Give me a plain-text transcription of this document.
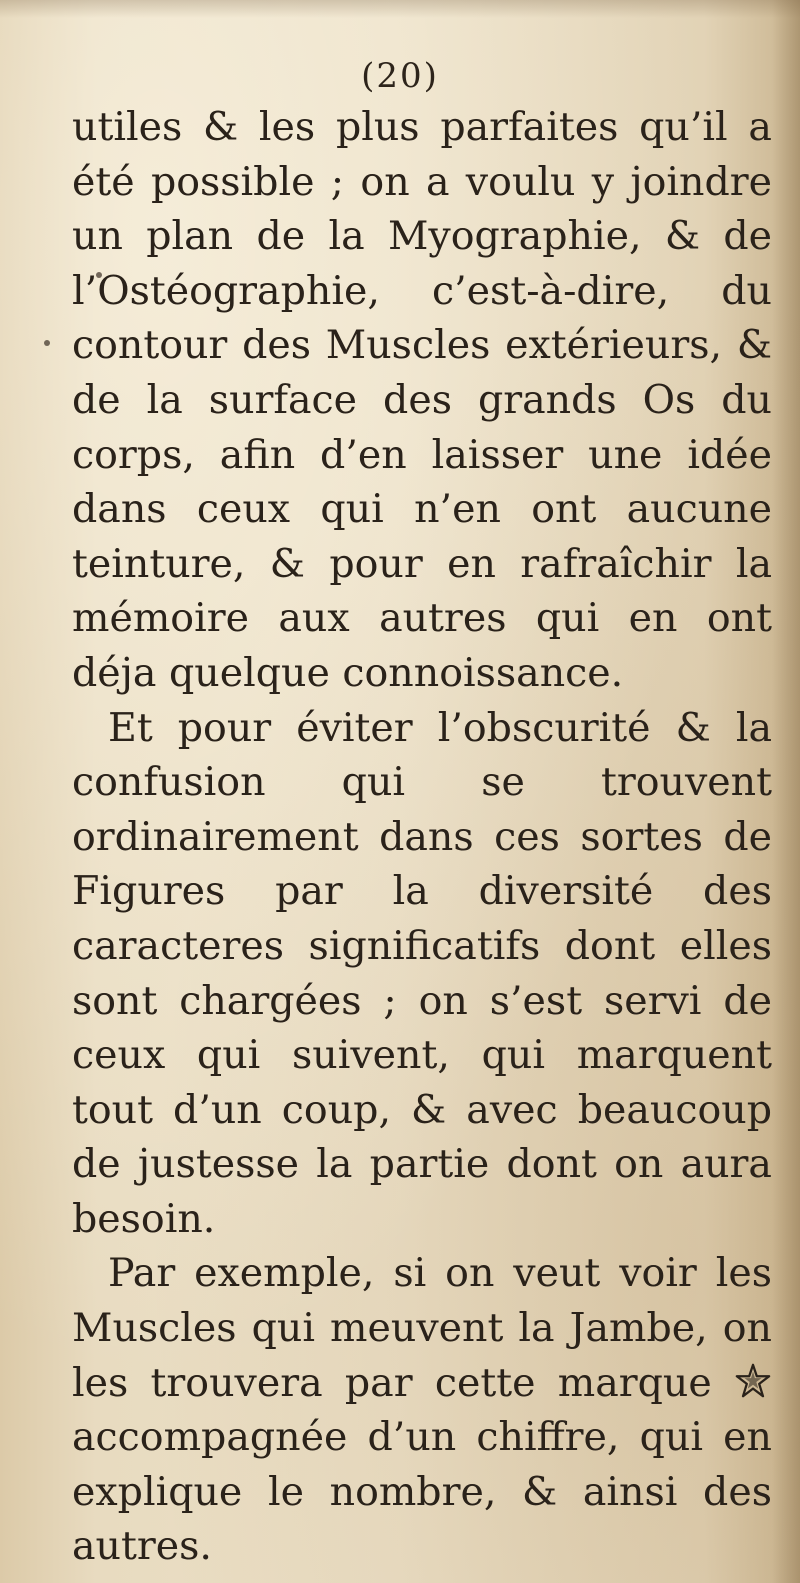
(20)

utiles & les plus parfaites qu’il a été possible ; on a voulu y joindre un plan de la Myographie, & de l’Ostéographie, c’est-à-dire, du contour des Muscles extérieurs, & de la surface des grands Os du corps, afin d’en laisser une idée dans ceux qui n’en ont aucune teinture, & pour en rafraîchir la mémoire aux autres qui en ont déja quelque connoissance.

Et pour éviter l’obscurité & la confusion qui se trouvent ordinairement dans ces sortes de Figures par la diversité des caracteres significatifs dont elles sont chargées ; on s’est servi de ceux qui suivent, qui marquent tout d’un coup, & avec beaucoup de justesse la partie dont on aura besoin.

Par exemple, si on veut voir les Muscles qui meuvent la Jambe, on les trouvera par cette marque
accompagnée d’un chiffre, qui en explique le nombre, & ainsi des autres.
